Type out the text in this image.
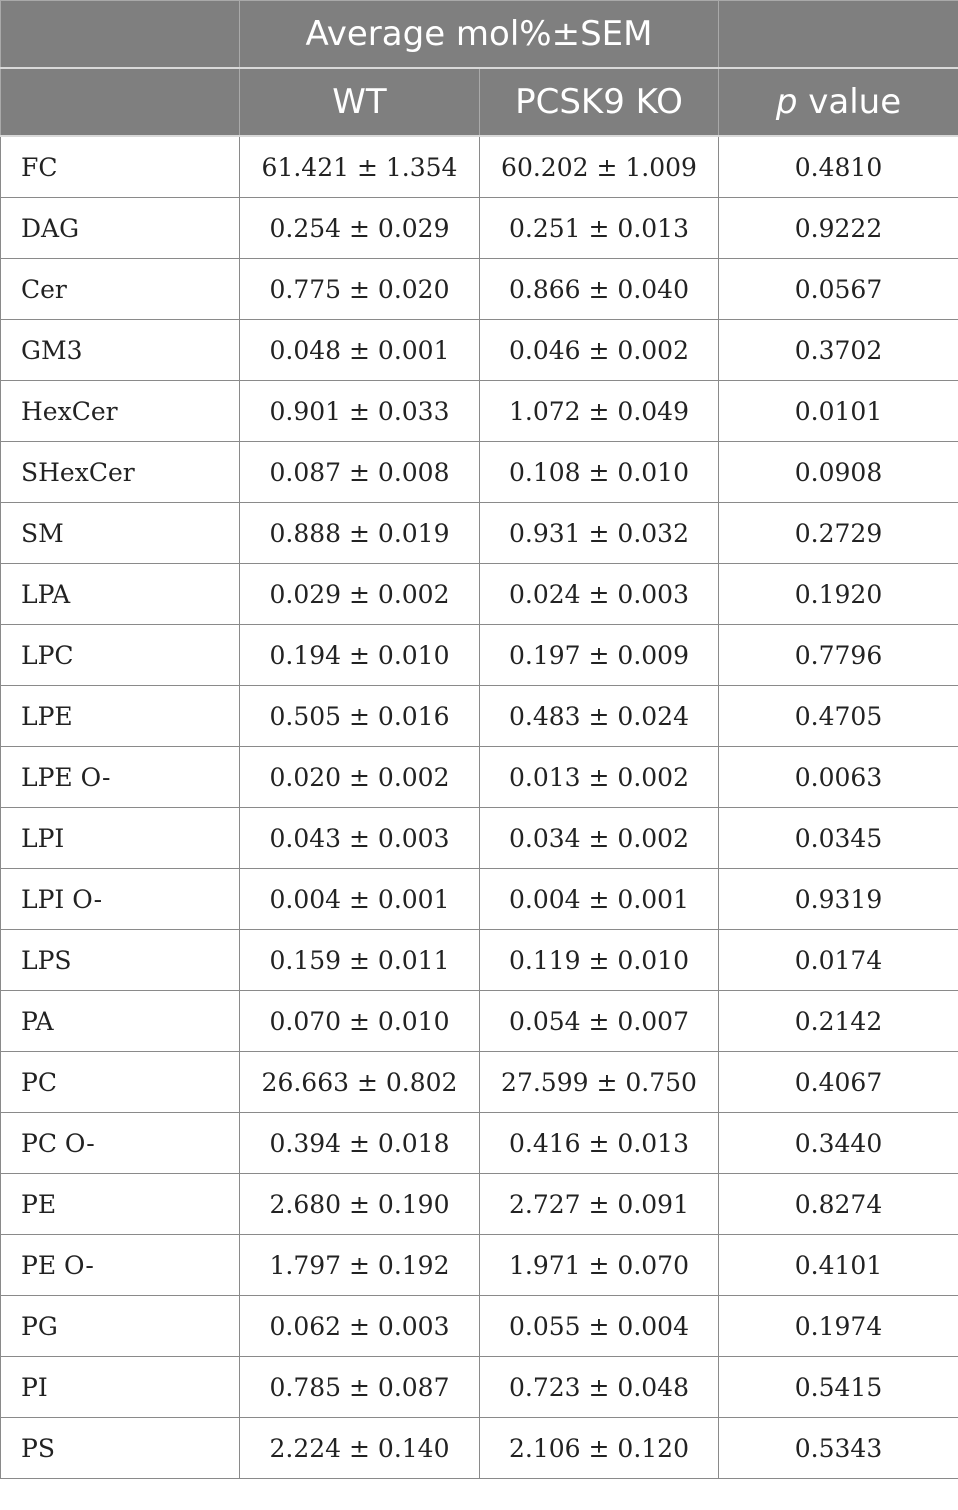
	Average mol%±SEM		
	WT	PCSK9 KO	p value
FC	61.421 ± 1.354	60.202 ± 1.009	0.4810
DAG	0.254 ± 0.029	0.251 ± 0.013	0.9222
Cer	0.775 ± 0.020	0.866 ± 0.040	0.0567
GM3	0.048 ± 0.001	0.046 ± 0.002	0.3702
HexCer	0.901 ± 0.033	1.072 ± 0.049	0.0101
SHexCer	0.087 ± 0.008	0.108 ± 0.010	0.0908
SM	0.888 ± 0.019	0.931 ± 0.032	0.2729
LPA	0.029 ± 0.002	0.024 ± 0.003	0.1920
LPC	0.194 ± 0.010	0.197 ± 0.009	0.7796
LPE	0.505 ± 0.016	0.483 ± 0.024	0.4705
LPE O-	0.020 ± 0.002	0.013 ± 0.002	0.0063
LPI	0.043 ± 0.003	0.034 ± 0.002	0.0345
LPI O-	0.004 ± 0.001	0.004 ± 0.001	0.9319
LPS	0.159 ± 0.011	0.119 ± 0.010	0.0174
PA	0.070 ± 0.010	0.054 ± 0.007	0.2142
PC	26.663 ± 0.802	27.599 ± 0.750	0.4067
PC O-	0.394 ± 0.018	0.416 ± 0.013	0.3440
PE	2.680 ± 0.190	2.727 ± 0.091	0.8274
PE O-	1.797 ± 0.192	1.971 ± 0.070	0.4101
PG	0.062 ± 0.003	0.055 ± 0.004	0.1974
PI	0.785 ± 0.087	0.723 ± 0.048	0.5415
PS	2.224 ± 0.140	2.106 ± 0.120	0.5343
